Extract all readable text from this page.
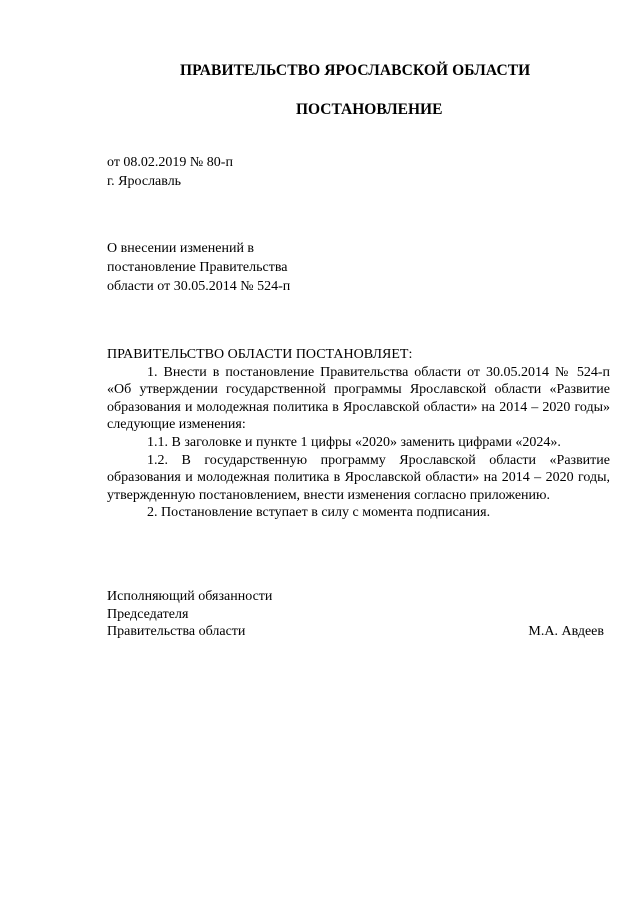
ПРАВИТЕЛЬСТВО ЯРОСЛАВСКОЙ ОБЛАСТИ
ПОСТАНОВЛЕНИЕ
от 08.02.2019 № 80-п
г. Ярославль
О внесении изменений в
постановление Правительства
области от 30.05.2014 № 524-п
ПРАВИТЕЛЬСТВО ОБЛАСТИ ПОСТАНОВЛЯЕТ:

1. Внести в постановление Правительства области от 30.05.2014 № 524-п «Об утверждении государственной программы Ярославской области «Развитие образования и молодежная политика в Ярославской области» на 2014 – 2020 годы» следующие изменения:

1.1. В заголовке и пункте 1 цифры «2020» заменить цифрами «2024».

1.2. В государственную программу Ярославской области «Развитие образования и молодежная политика в Ярославской области» на 2014 – 2020 годы, утвержденную постановлением, внести изменения согласно приложению.

2. Постановление вступает в силу с момента подписания.

Исполняющий обязанности
Председателя
Правительства области	М.А. Авдеев
